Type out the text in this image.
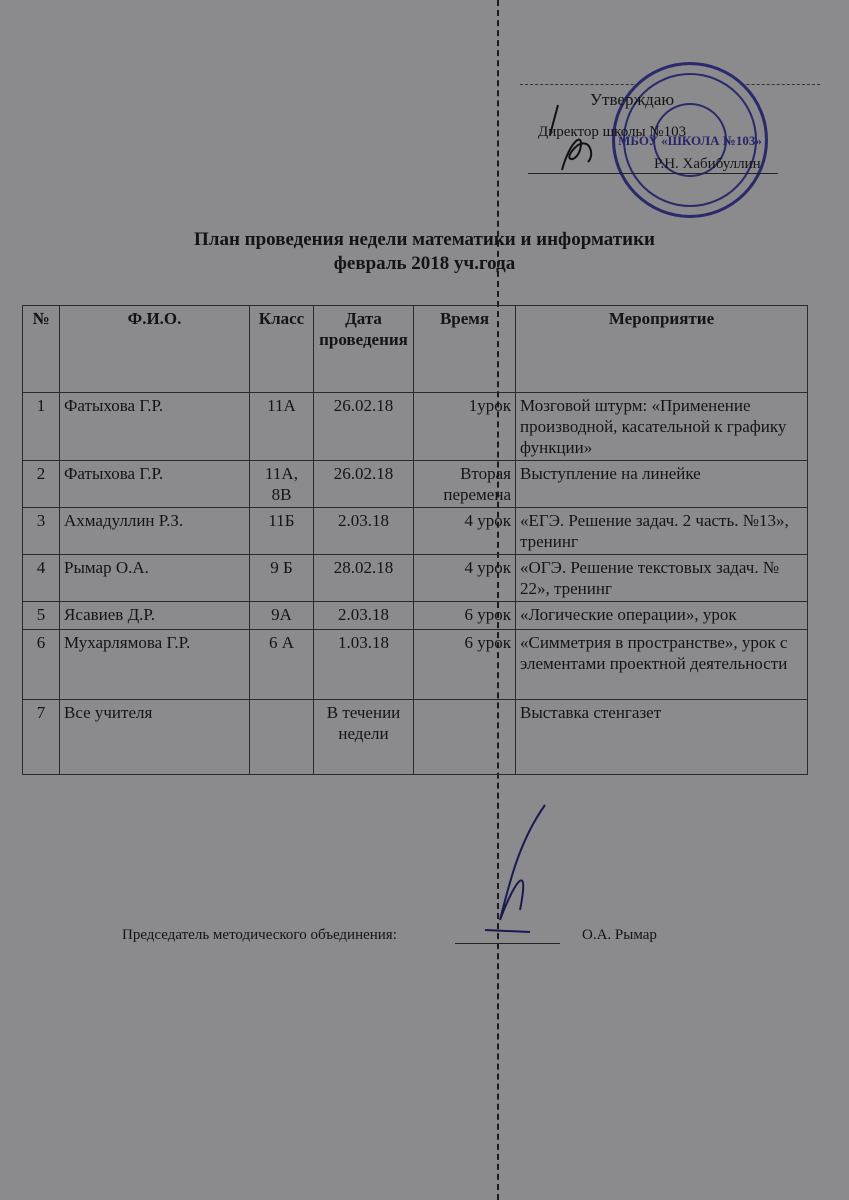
МБОУ «ШКОЛА №103»
Утверждаю
Директор школы №103
Р.Н. Хабибуллин
План проведения недели математики и информатики
февраль 2018 уч.года
№	Ф.И.О.	Класс	Дата проведения	Время	Мероприятие
1	Фатыхова Г.Р.	11А	26.02.18	1урок	Мозговой штурм: «Применение производной, касательной к графику функции»
2	Фатыхова Г.Р.	11А, 8В	26.02.18	Вторая перемена	Выступление на линейке
3	Ахмадуллин Р.З.	11Б	2.03.18	4 урок	«ЕГЭ. Решение задач. 2 часть. №13», тренинг
4	Рымар О.А.	9 Б	28.02.18	4 урок	«ОГЭ. Решение текстовых задач. № 22», тренинг
5	Ясавиев Д.Р.	9А	2.03.18	6 урок	«Логические операции», урок
6	Мухарлямова Г.Р.	6 А	1.03.18	6 урок	«Симметрия в пространстве», урок с элементами проектной деятельности
7	Все учителя		В течении недели		Выставка стенгазет
Председатель методического объединения:	О.А. Рымар
